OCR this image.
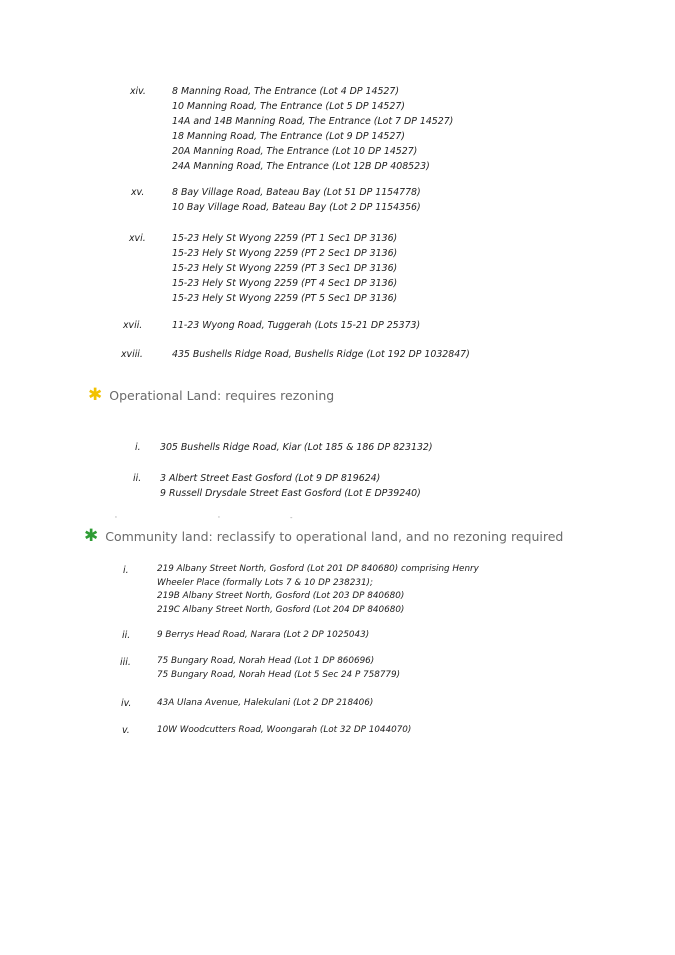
xiv.	8 Manning Road, The Entrance (Lot 4 DP 14527)
10 Manning Road, The Entrance (Lot 5 DP 14527)
14A and 14B Manning Road, The Entrance (Lot 7 DP 14527)
18 Manning Road, The Entrance (Lot 9 DP 14527)
20A Manning Road, The Entrance (Lot 10 DP 14527)
24A Manning Road, The Entrance (Lot 12B DP 408523)
xv.	8 Bay Village Road, Bateau Bay (Lot 51 DP 1154778)
10 Bay Village Road, Bateau Bay (Lot 2 DP 1154356)
xvi.	15-23 Hely St Wyong 2259 (PT 1 Sec1 DP 3136)
15-23 Hely St Wyong 2259 (PT 2 Sec1 DP 3136)
15-23 Hely St Wyong 2259 (PT 3 Sec1 DP 3136)
15-23 Hely St Wyong 2259 (PT 4 Sec1 DP 3136)
15-23 Hely St Wyong 2259 (PT 5 Sec1 DP 3136)
xvii.	11-23 Wyong Road, Tuggerah (Lots 15-21 DP 25373)
xviii.	435 Bushells Ridge Road, Bushells Ridge (Lot 192 DP 1032847)
✱ Operational Land: requires rezoning
i. 305 Bushells Ridge Road, Kiar (Lot 185 & 186 DP 823132)
ii. 3 Albert Street East Gosford (Lot 9 DP 819624)
9 Russell Drysdale Street East Gosford (Lot E DP39240)
'	'	-
✱ Community land: reclassify to operational land, and no rezoning required
i.	219 Albany Street North, Gosford (Lot 201 DP 840680) comprising Henry
Wheeler Place (formally Lots 7 & 10 DP 238231);
219B Albany Street North, Gosford (Lot 203 DP 840680)
219C Albany Street North, Gosford (Lot 204 DP 840680)
ii.	9 Berrys Head Road, Narara (Lot 2 DP 1025043)
iii.	75 Bungary Road, Norah Head (Lot 1 DP 860696)
75 Bungary Road, Norah Head (Lot 5 Sec 24 P 758779)
iv.	43A Ulana Avenue, Halekulani (Lot 2 DP 218406)
v.	10W Woodcutters Road, Woongarah (Lot 32 DP 1044070)
